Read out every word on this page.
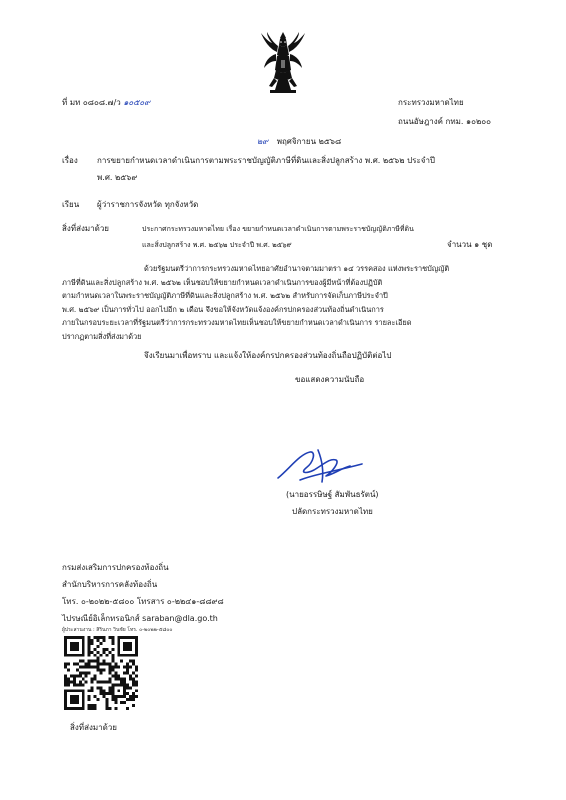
ที่ มท ๐๘๐๘.๗/ว ๑๐๕๐๙	กระทรวงมหาดไทย
ถนนอัษฎางค์ กทม. ๑๐๒๐๐
๒๙ พฤศจิกายน ๒๕๖๘
เรื่อง การขยายกำหนดเวลาดำเนินการตามพระราชบัญญัติภาษีที่ดินและสิ่งปลูกสร้าง พ.ศ. ๒๕๖๒ ประจำปี
พ.ศ. ๒๕๖๙
เรียน ผู้ว่าราชการจังหวัด ทุกจังหวัด
สิ่งที่ส่งมาด้วย	ประกาศกระทรวงมหาดไทย เรื่อง ขยายกำหนดเวลาดำเนินการตามพระราชบัญญัติภาษีที่ดิน
และสิ่งปลูกสร้าง พ.ศ. ๒๕๖๒ ประจำปี พ.ศ. ๒๕๖๙	จำนวน ๑ ชุด
ด้วยรัฐมนตรีว่าการกระทรวงมหาดไทยอาศัยอำนาจตามมาตรา ๑๔ วรรคสอง แห่งพระราชบัญญัติ
ภาษีที่ดินและสิ่งปลูกสร้าง พ.ศ. ๒๕๖๒ เห็นชอบให้ขยายกำหนดเวลาดำเนินการของผู้มีหน้าที่ต้องปฏิบัติ
ตามกำหนดเวลาในพระราชบัญญัติภาษีที่ดินและสิ่งปลูกสร้าง พ.ศ. ๒๕๖๒ สำหรับการจัดเก็บภาษีประจำปี
พ.ศ. ๒๕๖๙ เป็นการทั่วไป ออกไปอีก ๒ เดือน จึงขอให้จังหวัดแจ้งองค์กรปกครองส่วนท้องถิ่นดำเนินการ
ภายในกรอบระยะเวลาที่รัฐมนตรีว่าการกระทรวงมหาดไทยเห็นชอบให้ขยายกำหนดเวลาดำเนินการ รายละเอียด
ปรากฏตามสิ่งที่ส่งมาด้วย
จึงเรียนมาเพื่อทราบ และแจ้งให้องค์กรปกครองส่วนท้องถิ่นถือปฏิบัติต่อไป
ขอแสดงความนับถือ
(นายอรรษิษฐ์ สัมพันธรัตน์)
ปลัดกระทรวงมหาดไทย
กรมส่งเสริมการปกครองท้องถิ่น
สำนักบริหารการคลังท้องถิ่น
โทร. ๐-๒๐๒๒-๕๘๐๐ โทรสาร ๐-๒๒๔๑-๘๘๙๘
ไปรษณีย์อิเล็กทรอนิกส์ saraban@dla.go.th
ผู้ประสานงาน : สิรินภา วินชัย โทร. ๐-๒๐๒๒-๕๘๐๐
สิ่งที่ส่งมาด้วย
